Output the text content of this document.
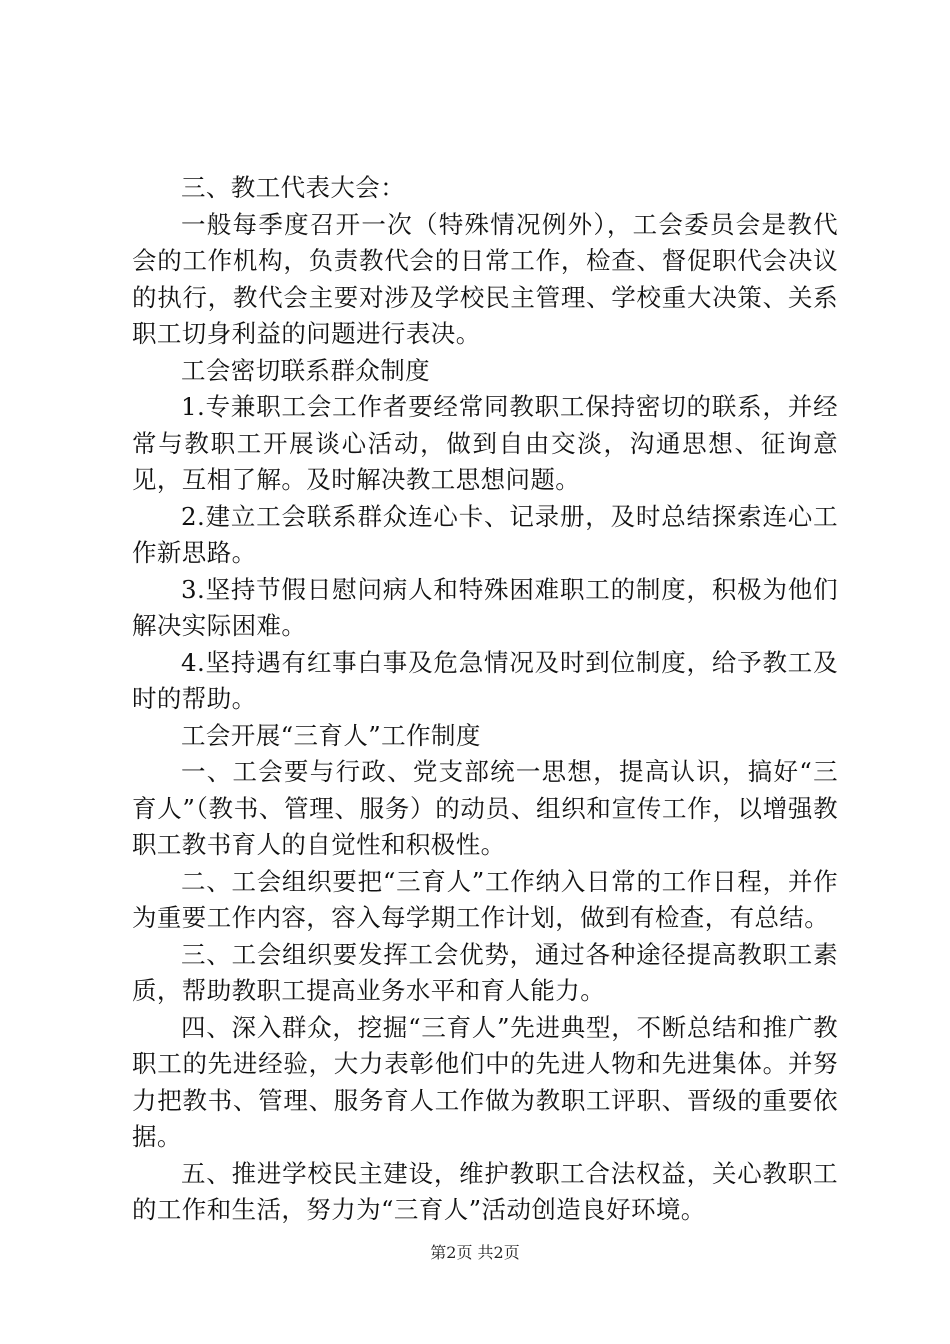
三、教工代表大会：

一般每季度召开一次（特殊情况例外），工会委员会是教代会的工作机构，负责教代会的日常工作，检查、督促职代会决议的执行，教代会主要对涉及学校民主管理、学校重大决策、关系职工切身利益的问题进行表决。

工会密切联系群众制度

1.专兼职工会工作者要经常同教职工保持密切的联系，并经常与教职工开展谈心活动，做到自由交淡，沟通思想、征询意见，互相了解。及时解决教工思想问题。

2.建立工会联系群众连心卡、记录册，及时总结探索连心工作新思路。

3.坚持节假日慰问病人和特殊困难职工的制度，积极为他们解决实际困难。

4.坚持遇有红事白事及危急情况及时到位制度，给予教工及时的帮助。

工会开展“三育人”工作制度

一、工会要与行政、党支部统一思想，提高认识，搞好“三育人”（教书、管理、服务）的动员、组织和宣传工作，以增强教职工教书育人的自觉性和积极性。

二、工会组织要把“三育人”工作纳入日常的工作日程，并作为重要工作内容，容入每学期工作计划，做到有检查，有总结。

三、工会组织要发挥工会优势，通过各种途径提高教职工素质，帮助教职工提高业务水平和育人能力。

四、深入群众，挖掘“三育人”先进典型，不断总结和推广教职工的先进经验，大力表彰他们中的先进人物和先进集体。并努力把教书、管理、服务育人工作做为教职工评职、晋级的重要依据。

五、推进学校民主建设，维护教职工合法权益，关心教职工的工作和生活，努力为“三育人”活动创造良好环境。

第2页 共2页
